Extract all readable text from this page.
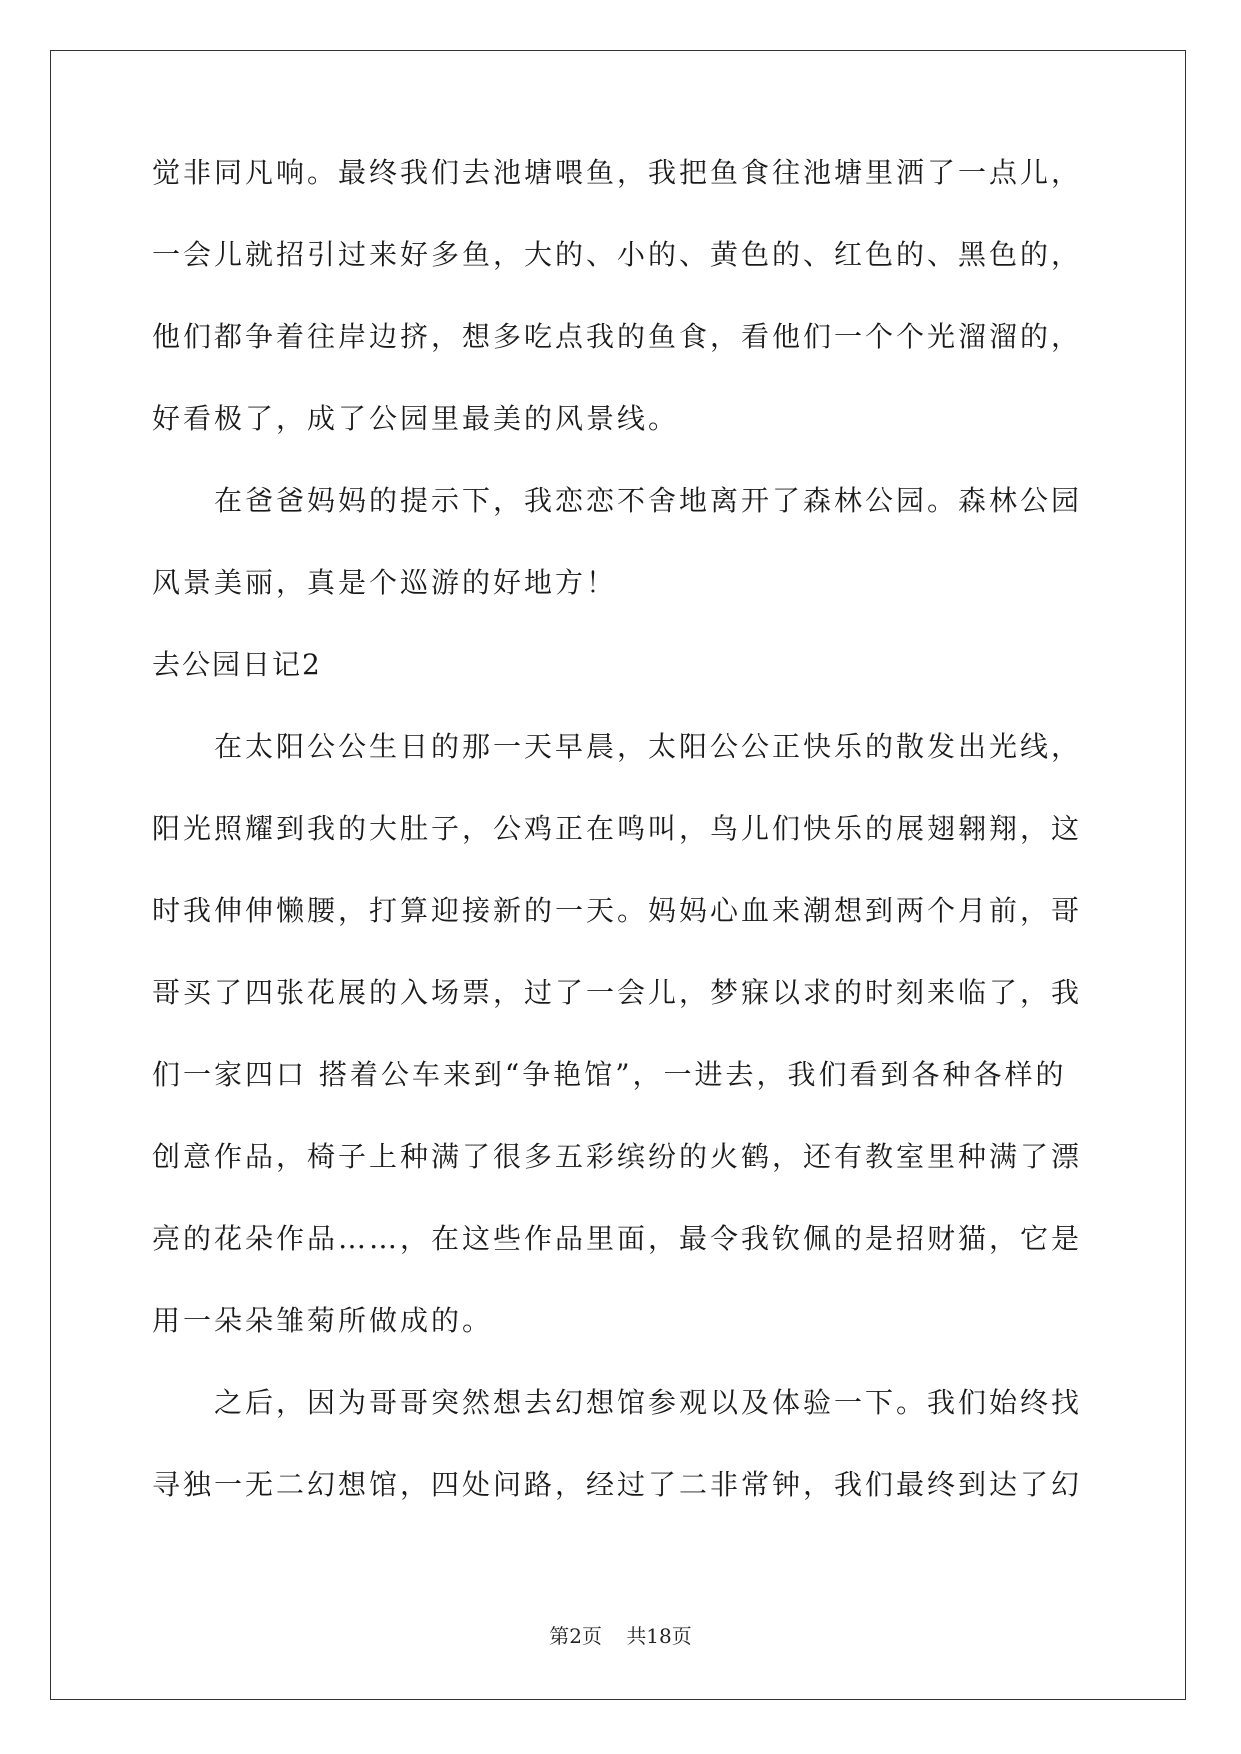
觉非同凡响。最终我们去池塘喂鱼，我把鱼食往池塘里洒了一点儿，
一会儿就招引过来好多鱼，大的、小的、黄色的、红色的、黑色的，
他们都争着往岸边挤，想多吃点我的鱼食，看他们一个个光溜溜的，
好看极了，成了公园里最美的风景线。
在爸爸妈妈的提示下，我恋恋不舍地离开了森林公园。森林公园
风景美丽，真是个巡游的好地方！
去公园日记2
在太阳公公生日的那一天早晨，太阳公公正快乐的散发出光线，
阳光照耀到我的大肚子，公鸡正在鸣叫，鸟儿们快乐的展翅翱翔，这
时我伸伸懒腰，打算迎接新的一天。妈妈心血来潮想到两个月前，哥
哥买了四张花展的入场票，过了一会儿，梦寐以求的时刻来临了，我
们一家四口 搭着公车来到“争艳馆”，一进去，我们看到各种各样的
创意作品，椅子上种满了很多五彩缤纷的火鹤，还有教室里种满了漂
亮的花朵作品……，在这些作品里面，最令我钦佩的是招财猫，它是
用一朵朵雏菊所做成的。
之后，因为哥哥突然想去幻想馆参观以及体验一下。我们始终找
寻独一无二幻想馆，四处问路，经过了二非常钟，我们最终到达了幻
第2页 共18页
